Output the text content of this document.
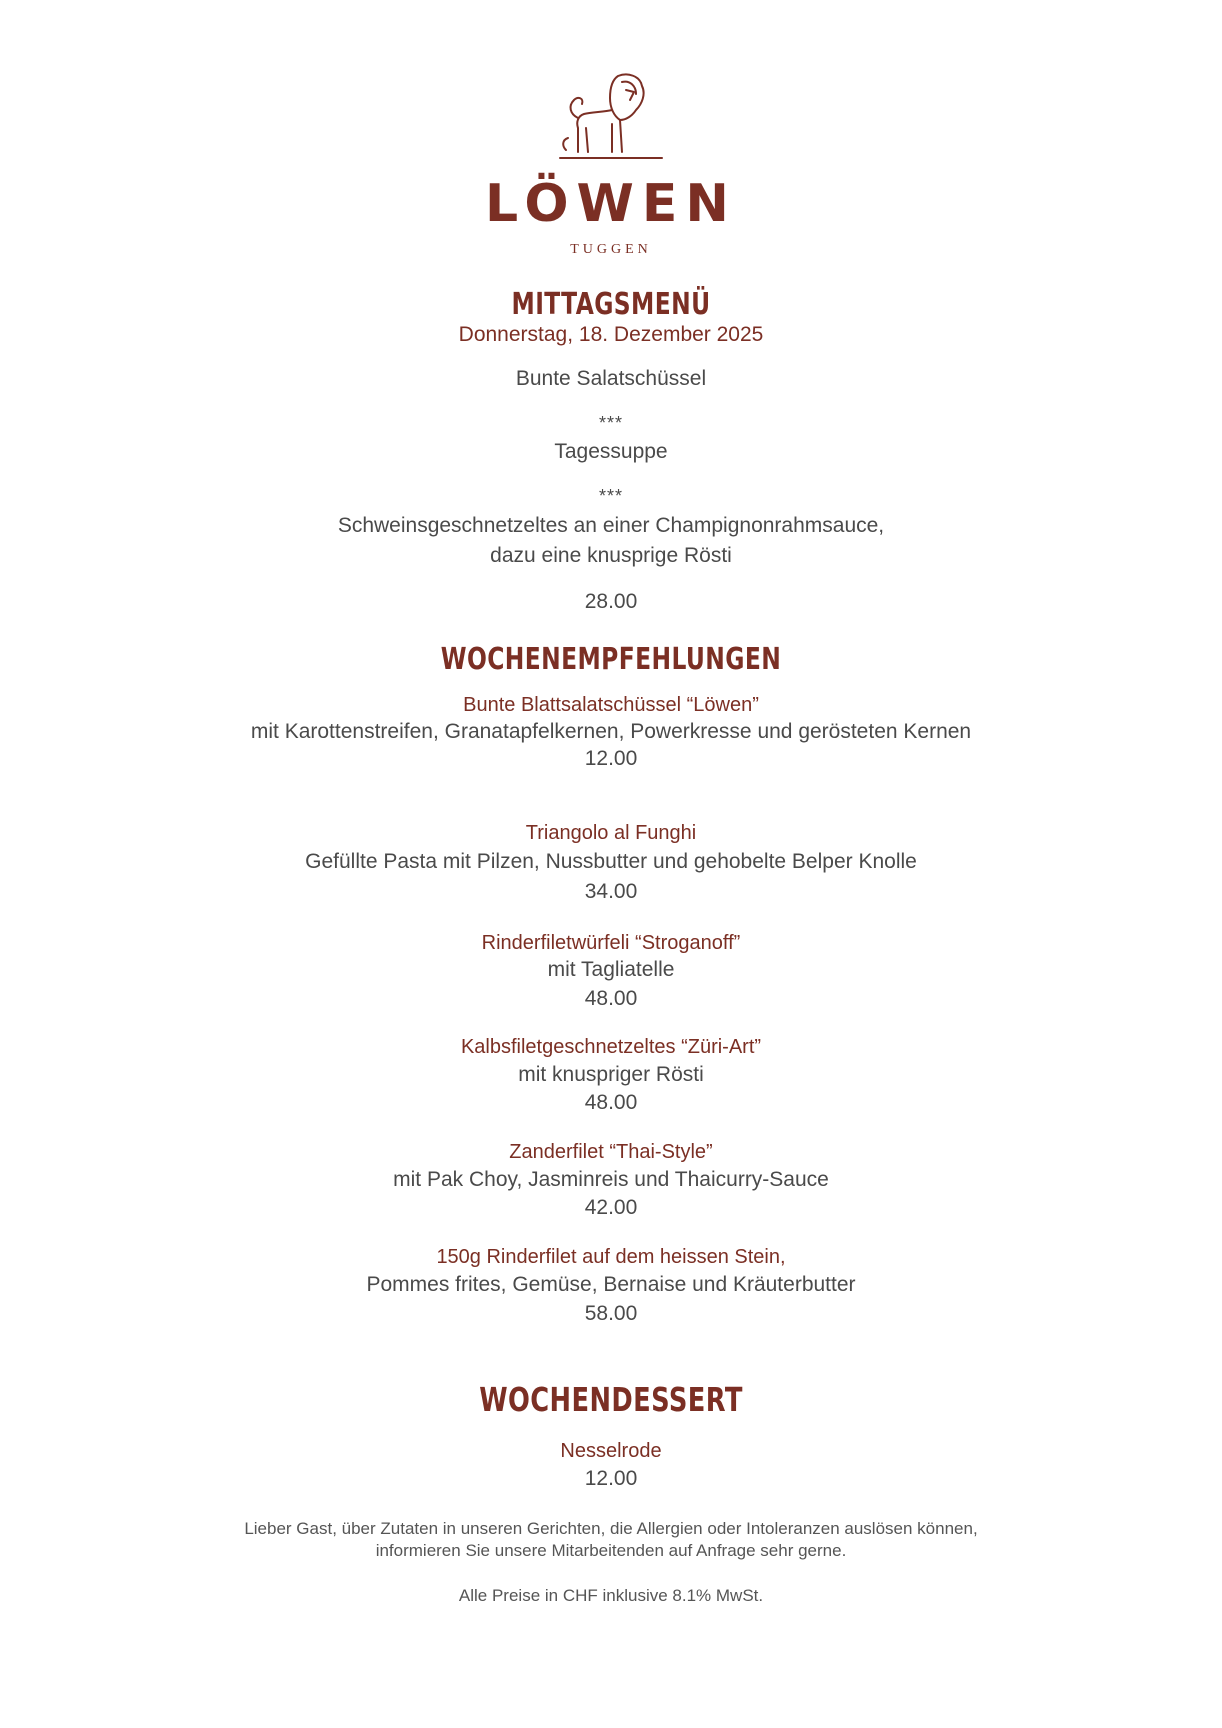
LÖWEN
TUGGEN
MITTAGSMENÜ
Donnerstag, 18. Dezember 2025
Bunte Salatschüssel
***
Tagessuppe
***
Schweinsgeschnetzeltes an einer Champignonrahmsauce,
dazu eine knusprige Rösti
28.00
WOCHENEMPFEHLUNGEN
Bunte Blattsalatschüssel “Löwen”
mit Karottenstreifen, Granatapfelkernen, Powerkresse und gerösteten Kernen
12.00
Triangolo al Funghi
Gefüllte Pasta mit Pilzen, Nussbutter und gehobelte Belper Knolle
34.00
Rinderfiletwürfeli “Stroganoff”
mit Tagliatelle
48.00
Kalbsfiletgeschnetzeltes “Züri-Art”
mit knuspriger Rösti
48.00
Zanderfilet “Thai-Style”
mit Pak Choy, Jasminreis und Thaicurry-Sauce
42.00
150g Rinderfilet auf dem heissen Stein,
Pommes frites, Gemüse, Bernaise und Kräuterbutter
58.00
WOCHENDESSERT
Nesselrode
12.00
Lieber Gast, über Zutaten in unseren Gerichten, die Allergien oder Intoleranzen auslösen können,
informieren Sie unsere Mitarbeitenden auf Anfrage sehr gerne.
Alle Preise in CHF inklusive 8.1% MwSt.
